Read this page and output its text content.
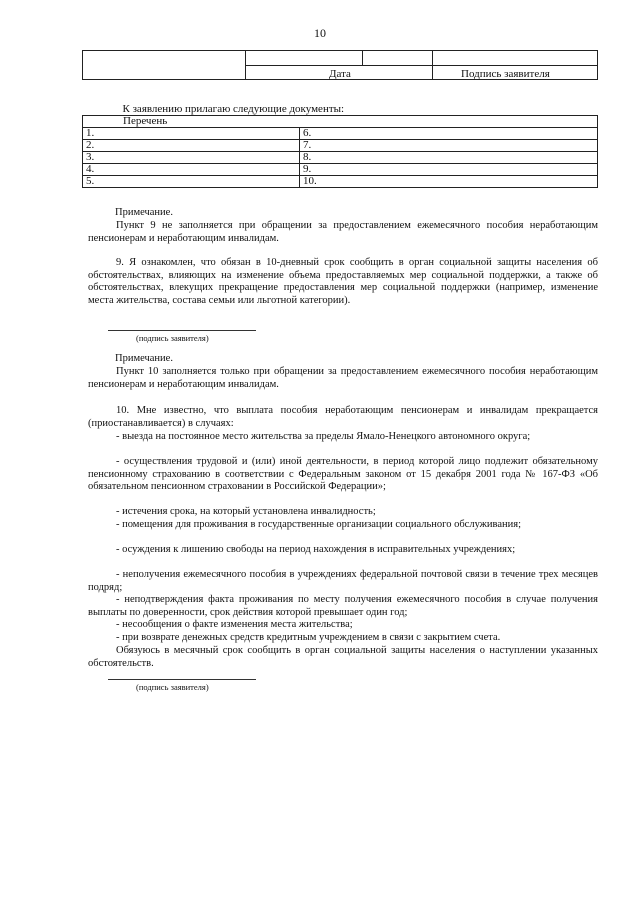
10
Дата	Подпись заявителя
К заявлению прилагаю следующие документы:	
Перечень	
1.	6.
2.	7.
3.	8.
4.	9.
5.	10.
Примечание.
Пункт 9 не заполняется при обращении за предоставлением ежемесячного пособия неработающим пенсионерам и неработающим инвалидам.
9. Я ознакомлен, что обязан в 10-дневный срок сообщить в орган социальной защиты населения об обстоятельствах, влияющих на изменение объема предоставляемых мер социальной поддержки, а также об обстоятельствах, влекущих прекращение предоставления мер социальной поддержки (например, изменение места жительства, состава семьи или льготной категории).
(подпись заявителя)
Примечание.
Пункт 10 заполняется только при обращении за предоставлением ежемесячного пособия неработающим пенсионерам и неработающим инвалидам.
10. Мне известно, что выплата пособия неработающим пенсионерам и инвалидам прекращается (приостанавливается) в случаях:
- выезда на постоянное место жительства за пределы Ямало-Ненецкого автономного округа;
- осуществления трудовой и (или) иной деятельности, в период которой лицо подлежит обязательному пенсионному страхованию в соответствии с Федеральным законом от 15 декабря 2001 года № 167-ФЗ «Об обязательном пенсионном страховании в Российской Федерации»;
- истечения срока, на который установлена инвалидность;
- помещения для проживания в государственные организации социального обслуживания;
- осуждения к лишению свободы на период нахождения в исправительных учреждениях;
- неполучения ежемесячного пособия в учреждениях федеральной почтовой связи в течение трех месяцев подряд;
- неподтверждения факта проживания по месту получения ежемесячного пособия в случае получения выплаты по доверенности, срок действия которой превышает один год;
- несообщения о факте изменения места жительства;
- при возврате денежных средств кредитным учреждением в связи с закрытием счета.
Обязуюсь в месячный срок сообщить в орган социальной защиты населения о наступлении указанных обстоятельств.
(подпись заявителя)
